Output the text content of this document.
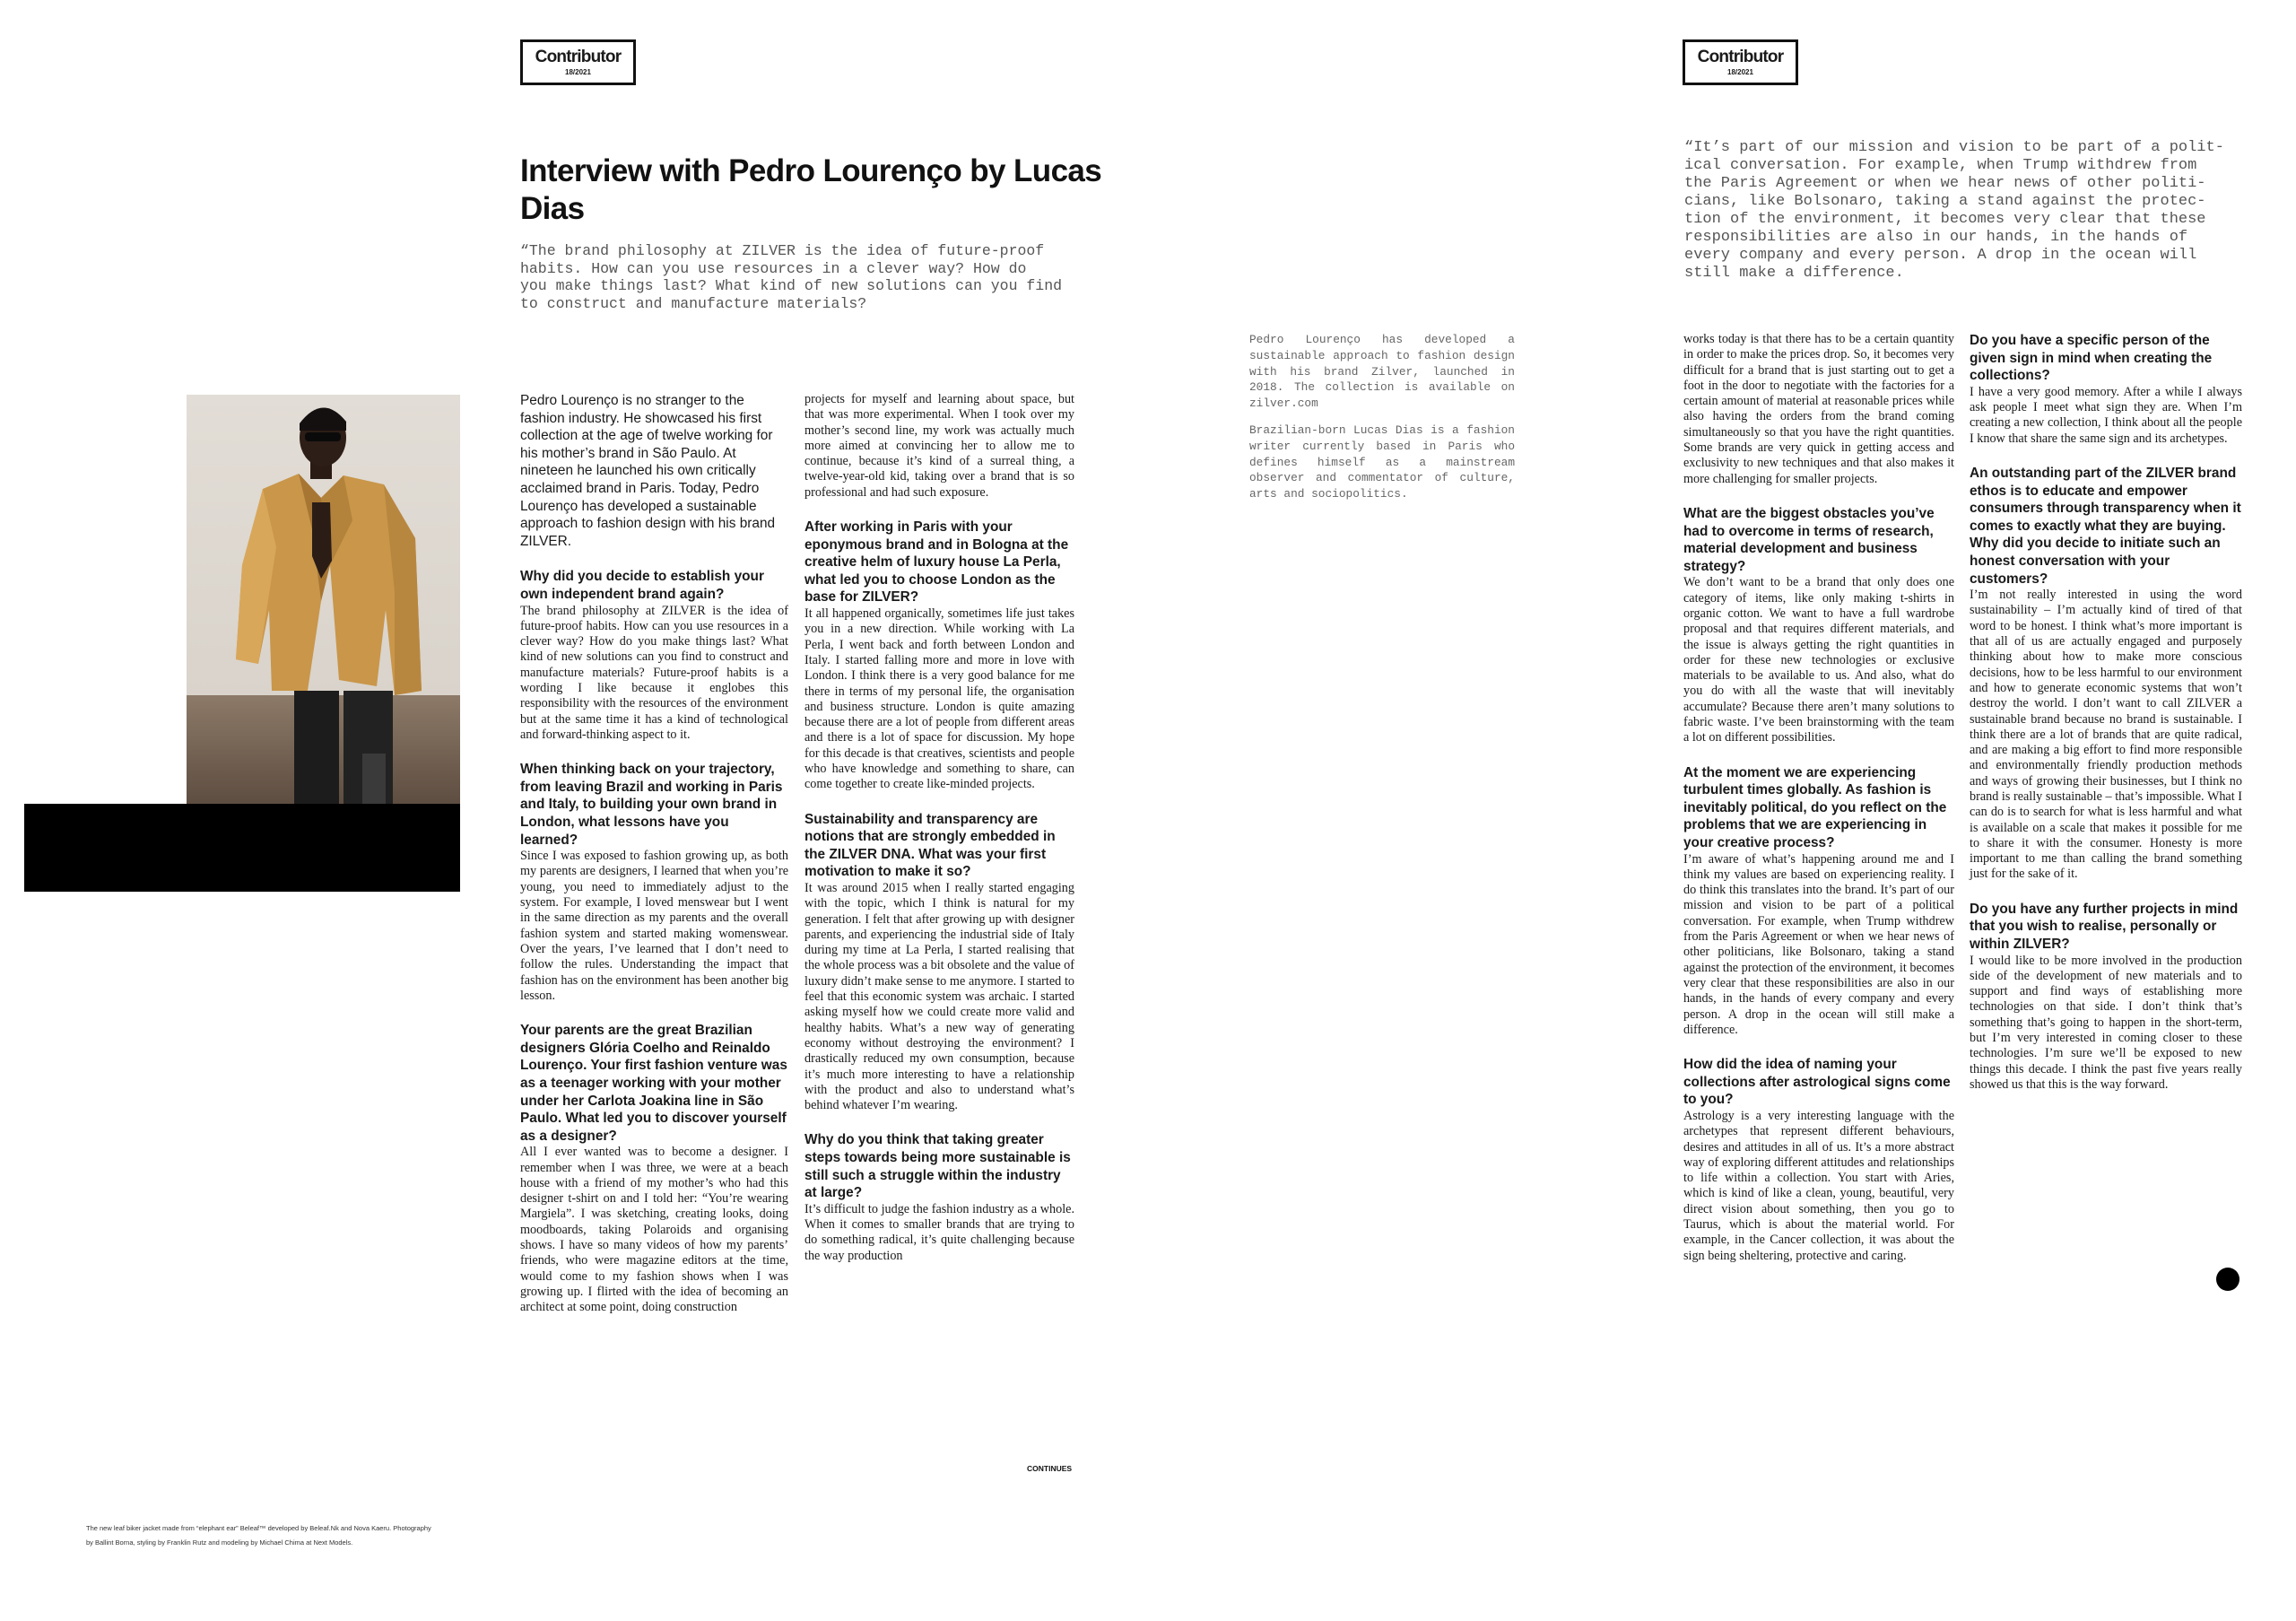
Contributor
18/2021
Interview with Pedro Lourenço by Lucas Dias
“The brand philosophy at ZILVER is the idea of future-proof
habits. How can you use resources in a clever way? How do
you make things last? What kind of new solutions can you find
to construct and manufacture materials?
The new leaf biker jacket made from “elephant ear” Beleaf™ developed by Beleaf.Nk and Nova Kaeru. Photography
by Ballint Borna, styling by Franklin Rutz and modeling by Michael Chima at Next Models.

Pedro Lourenço is no stranger to the fashion industry. He showcased his first collection at the age of twelve working for his mother’s brand in São Paulo. At nineteen he launched his own critically acclaimed brand in Paris. Today, Pedro Lourenço has developed a sustainable approach to fashion design with his brand ZILVER.

Why did you decide to establish your own independent brand again?

The brand philosophy at ZILVER is the idea of future-proof habits. How can you use resources in a clever way? How do you make things last? What kind of new solutions can you find to construct and manufacture materials? Future-proof habits is a wording I like because it englobes this responsibility with the resources of the environment but at the same time it has a kind of technological and forward-thinking aspect to it.

When thinking back on your trajectory, from leaving Brazil and working in Paris and Italy, to building your own brand in London, what lessons have you learned?

Since I was exposed to fashion growing up, as both my parents are designers, I learned that when you’re young, you need to immediately adjust to the system. For example, I loved menswear but I went in the same direction as my parents and the overall fashion system and started making womenswear. Over the years, I’ve learned that I don’t need to follow the rules. Understanding the impact that fashion has on the environment has been another big lesson.

Your parents are the great Brazilian designers Glória Coelho and Reinaldo Lourenço. Your first fashion venture was as a teenager working with your mother under her Carlota Joakina line in São Paulo. What led you to discover yourself as a designer?

All I ever wanted was to become a designer. I remember when I was three, we were at a beach house with a friend of my mother’s who had this designer t-shirt on and I told her: “You’re wearing Margiela”. I was sketching, creating looks, doing moodboards, taking Polaroids and organising shows. I have so many videos of how my parents’ friends, who were magazine editors at the time, would come to my fashion shows when I was growing up. I flirted with the idea of becoming an architect at some point, doing construction

projects for myself and learning about space, but that was more experimental. When I took over my mother’s second line, my work was actually much more aimed at convincing her to allow me to continue, because it’s kind of a surreal thing, a twelve-year-old kid, taking over a brand that is so professional and had such exposure.

After working in Paris with your eponymous brand and in Bologna at the creative helm of luxury house La Perla, what led you to choose London as the base for ZILVER?

It all happened organically, sometimes life just takes you in a new direction. While working with La Perla, I went back and forth between London and Italy. I started falling more and more in love with London. I think there is a very good balance for me there in terms of my personal life, the organisation and business structure. London is quite amazing because there are a lot of people from different areas and there is a lot of space for discussion. My hope for this decade is that creatives, scientists and people who have knowledge and something to share, can come together to create like-minded projects.

Sustainability and transparency are notions that are strongly embedded in the ZILVER DNA. What was your first motivation to make it so?

It was around 2015 when I really started engaging with the topic, which I think is natural for my generation. I felt that after growing up with designer parents, and experiencing the industrial side of Italy during my time at La Perla, I started realising that the whole process was a bit obsolete and the value of luxury didn’t make sense to me anymore. I started to feel that this economic system was archaic. I started asking myself how we could create more valid and healthy habits. What’s a new way of generating economy without destroying the environment? I drastically reduced my own consumption, because it’s much more interesting to have a relationship with the product and also to understand what’s behind whatever I’m wearing.

Why do you think that taking greater steps towards being more sustainable is still such a struggle within the industry at large?

It’s difficult to judge the fashion industry as a whole. When it comes to smaller brands that are trying to do something radical, it’s quite challenging because the way production

CONTINUES
Contributor
18/2021
“It’s part of our mission and vision to be part of a polit-
ical conversation. For example, when Trump withdrew from
the Paris Agreement or when we hear news of other politi-
cians, like Bolsonaro, taking a stand against the protec-
tion of the environment, it becomes very clear that these
responsibilities are also in our hands, in the hands of
every company and every person. A drop in the ocean will
still make a difference.

Pedro Lourenço has developed a sustainable approach to fashion design with his brand Zilver, launched in 2018. The collection is available on zilver.com

Brazilian-born Lucas Dias is a fashion writer currently based in Paris who defines himself as a mainstream observer and commentator of culture, arts and sociopolitics.

works today is that there has to be a certain quantity in order to make the prices drop. So, it becomes very difficult for a brand that is just starting out to get a foot in the door to negotiate with the factories for a certain amount of material at reasonable prices while also having the orders from the brand coming simultaneously so that you have the right quantities. Some brands are very quick in getting access and exclusivity to new techniques and that also makes it more challenging for smaller projects.

What are the biggest obstacles you’ve had to overcome in terms of research, material development and business strategy?

We don’t want to be a brand that only does one category of items, like only making t-shirts in organic cotton. We want to have a full wardrobe proposal and that requires different materials, and the issue is always getting the right quantities in order for these new technologies or exclusive materials to be available to us. And also, what do you do with all the waste that will inevitably accumulate? Because there aren’t many solutions to fabric waste. I’ve been brainstorming with the team a lot on different possibilities.

At the moment we are experiencing turbulent times globally. As fashion is inevitably political, do you reflect on the problems that we are experiencing in your creative process?

I’m aware of what’s happening around me and I think my values are based on experiencing reality. I do think this translates into the brand. It’s part of our mission and vision to be part of a political conversation. For example, when Trump withdrew from the Paris Agreement or when we hear news of other politicians, like Bolsonaro, taking a stand against the protection of the environment, it becomes very clear that these responsibilities are also in our hands, in the hands of every company and every person. A drop in the ocean will still make a difference.

How did the idea of naming your collections after astrological signs come to you?

Astrology is a very interesting language with the archetypes that represent different behaviours, desires and attitudes in all of us. It’s a more abstract way of exploring different attitudes and relationships to life within a collection. You start with Aries, which is kind of like a clean, young, beautiful, very direct vision about something, then you go to Taurus, which is about the material world. For example, in the Cancer collection, it was about the sign being sheltering, protective and caring.

Do you have a specific person of the given sign in mind when creating the collections?

I have a very good memory. After a while I always ask people I meet what sign they are. When I’m creating a new collection, I think about all the people I know that share the same sign and its archetypes.

An outstanding part of the ZILVER brand ethos is to educate and empower consumers through transparency when it comes to exactly what they are buying. Why did you decide to initiate such an honest conversation with your customers?

I’m not really interested in using the word sustainability – I’m actually kind of tired of that word to be honest. I think what’s more important is that all of us are actually engaged and purposely thinking about how to make more conscious decisions, how to be less harmful to our environment and how to generate economic systems that won’t destroy the world. I don’t want to call ZILVER a sustainable brand because no brand is sustainable. I think there are a lot of brands that are quite radical, and are making a big effort to find more responsible and environmentally friendly production methods and ways of growing their businesses, but I think no brand is really sustainable – that’s impossible. What I can do is to search for what is less harmful and what is available on a scale that makes it possible for me to share it with the consumer. Honesty is more important to me than calling the brand something just for the sake of it.

Do you have any further projects in mind that you wish to realise, personally or within ZILVER?

I would like to be more involved in the production side of the development of new materials and to support and find ways of establishing more technologies on that side. I don’t think that’s something that’s going to happen in the short-term, but I’m very interested in coming closer to these technologies. I’m sure we’ll be exposed to new things this decade. I think the past five years really showed us that this is the way forward.
